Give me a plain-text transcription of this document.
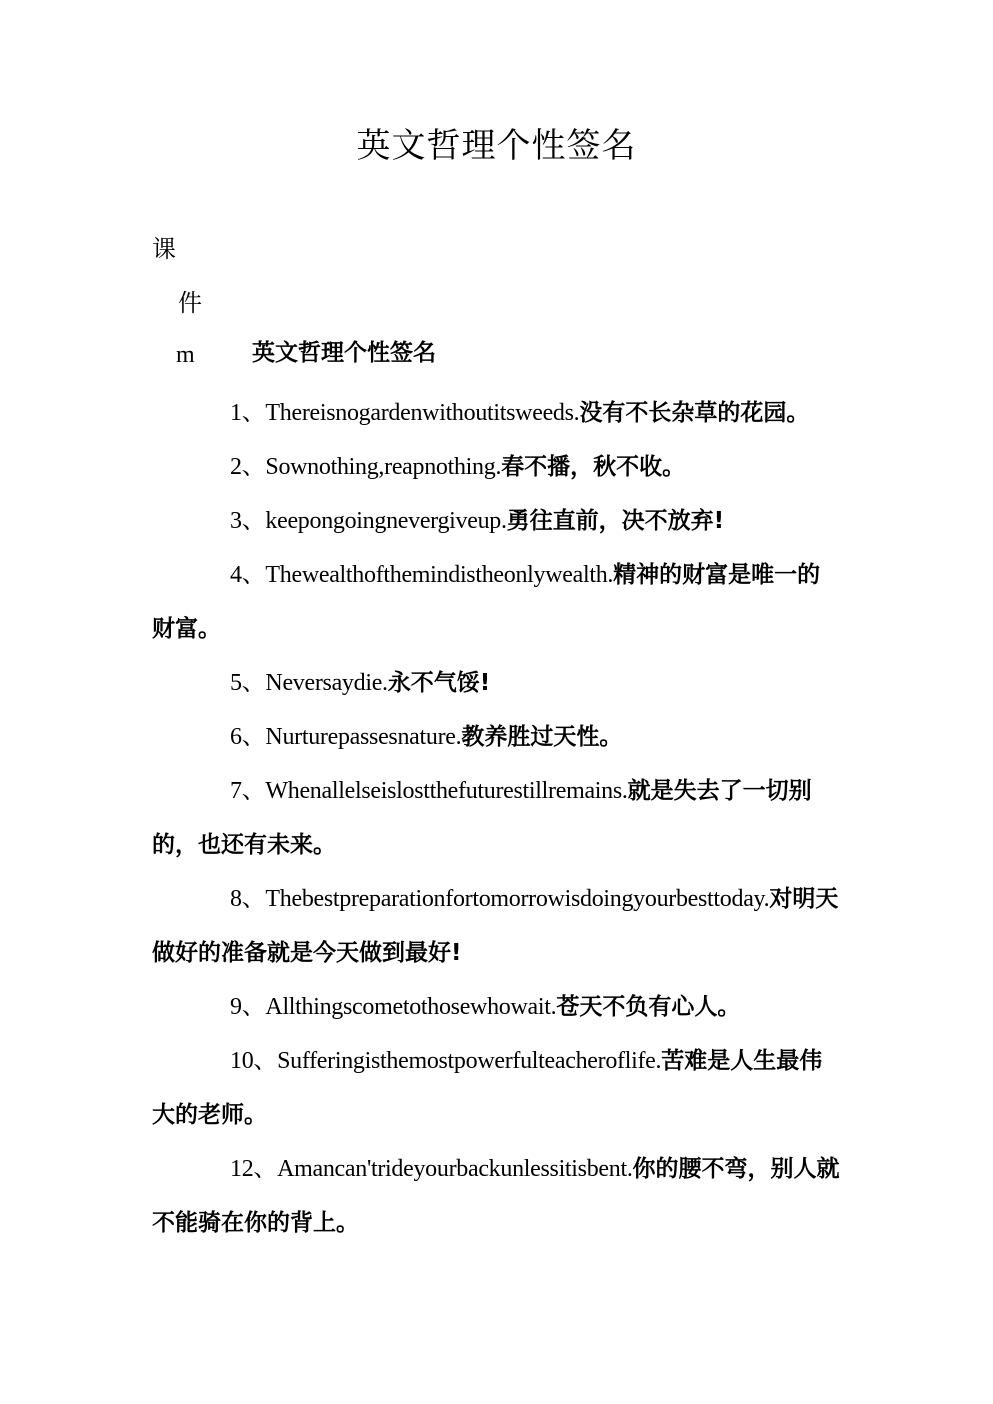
英文哲理个性签名
课
件
m 英文哲理个性签名

1、Thereisnogardenwithoutitsweeds.没有不长杂草的花园。

2、Sownothing,reapnothing.春不播，秋不收。

3、keepongoingnevergiveup.勇往直前，决不放弃!

4、Thewealthofthemindistheonlywealth.精神的财富是唯一的财富。

5、Neversaydie.永不气馁!

6、Nurturepassesnature.教养胜过天性。

7、Whenallelseislostthefuturestillremains.就是失去了一切别的，也还有未来。

8、Thebestpreparationfortomorrowisdoingyourbesttoday.对明天做好的准备就是今天做到最好!

9、Allthingscometothosewhowait.苍天不负有心人。

10、Sufferingisthemostpowerfulteacheroflife.苦难是人生最伟大的老师。

12、Amancan'trideyourbackunlessitisbent.你的腰不弯，别人就不能骑在你的背上。
